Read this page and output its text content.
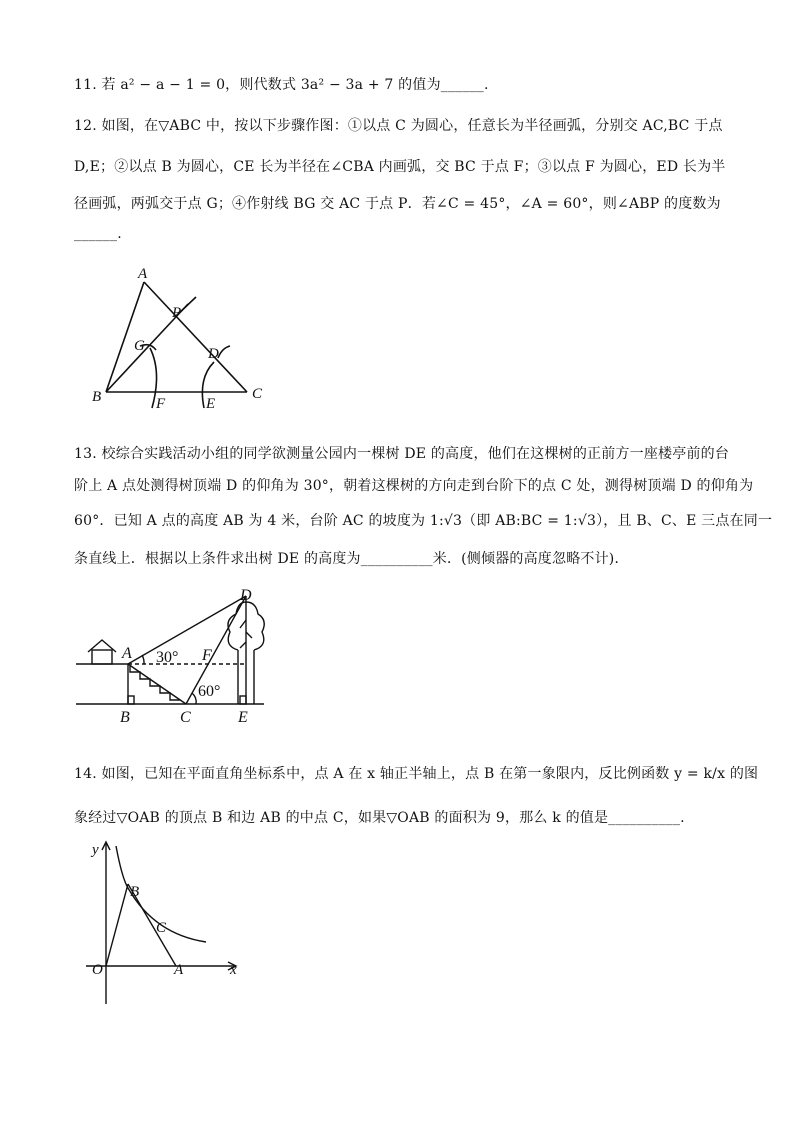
11. 若 a² − a − 1 = 0，则代数式 3a² − 3a + 7 的值为______.
12. 如图，在▽ABC 中，按以下步骤作图：①以点 C 为圆心，任意长为半径画弧，分别交 AC,BC 于点
D,E；②以点 B 为圆心，CE 长为半径在∠CBA 内画弧，交 BC 于点 F；③以点 F 为圆心，ED 长为半
径画弧，两弧交于点 G；④作射线 BG 交 AC 于点 P．若∠C = 45°，∠A = 60°，则∠ABP 的度数为
______.
A
B	C
P
G	D
F	E
13. 校综合实践活动小组的同学欲测量公园内一棵树 DE 的高度，他们在这棵树的正前方一座楼亭前的台
阶上 A 点处测得树顶端 D 的仰角为 30°，朝着这棵树的方向走到台阶下的点 C 处，测得树顶端 D 的仰角为
60°．已知 A 点的高度 AB 为 4 米，台阶 AC 的坡度为 1:√3（即 AB:BC = 1:√3），且 B、C、E 三点在同一
条直线上．根据以上条件求出树 DE 的高度为__________米．(侧倾器的高度忽略不计)．
A
B	C
D
E
F
30°
60°
14. 如图，已知在平面直角坐标系中，点 A 在 x 轴正半轴上，点 B 在第一象限内，反比例函数 y = k/x 的图
象经过▽OAB 的顶点 B 和边 AB 的中点 C，如果▽OAB 的面积为 9，那么 k 的值是__________.
y
x
O	A
B
C
